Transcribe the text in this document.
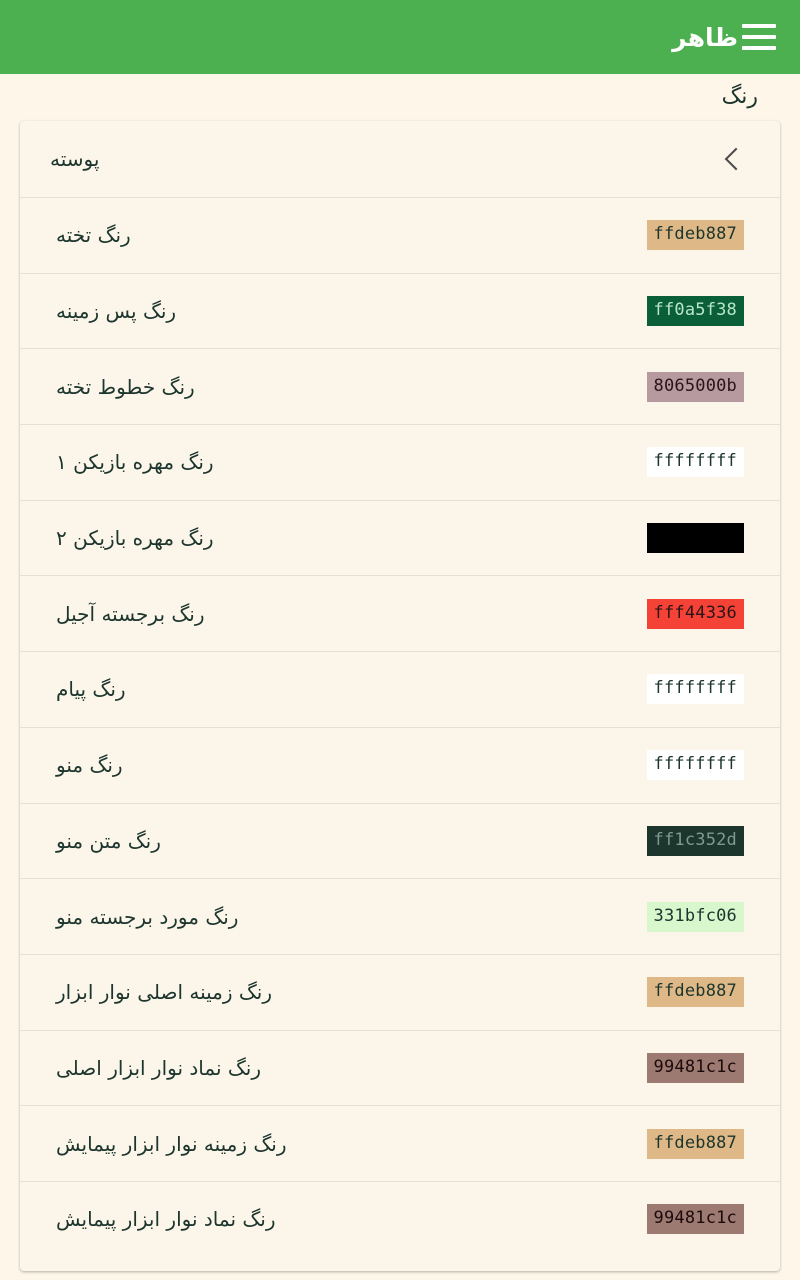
ظاهر
رنگ
پوسته
رنگ تخته	ffdeb887
رنگ پس زمینه	ff0a5f38
رنگ خطوط تخته	8065000b
رنگ مهره بازیکن ۱	ffffffff
رنگ مهره بازیکن ۲
رنگ برجسته آجیل	fff44336
رنگ پیام	ffffffff
رنگ منو	ffffffff
رنگ متن منو	ff1c352d
رنگ مورد برجسته منو	331bfc06
رنگ زمینه اصلی نوار ابزار	ffdeb887
رنگ نماد نوار ابزار اصلی	99481c1c
رنگ زمینه نوار ابزار پیمایش	ffdeb887
رنگ نماد نوار ابزار پیمایش	99481c1c
